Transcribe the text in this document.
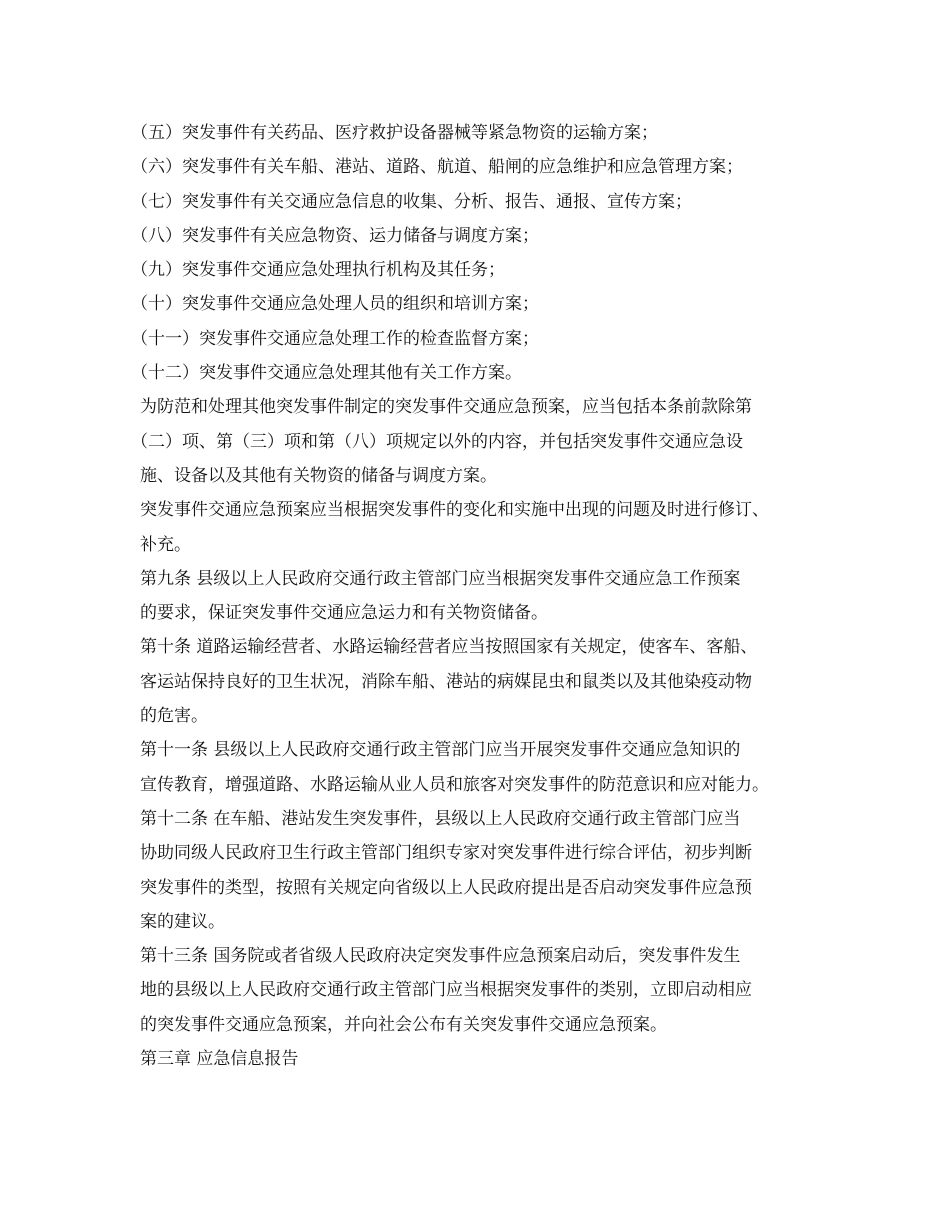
（五）突发事件有关药品、医疗救护设备器械等紧急物资的运输方案；
（六）突发事件有关车船、港站、道路、航道、船闸的应急维护和应急管理方案；
（七）突发事件有关交通应急信息的收集、分析、报告、通报、宣传方案；
（八）突发事件有关应急物资、运力储备与调度方案；
（九）突发事件交通应急处理执行机构及其任务；
（十）突发事件交通应急处理人员的组织和培训方案；
（十一）突发事件交通应急处理工作的检查监督方案；
（十二）突发事件交通应急处理其他有关工作方案。
为防范和处理其他突发事件制定的突发事件交通应急预案，应当包括本条前款除第
（二）项、第（三）项和第（八）项规定以外的内容，并包括突发事件交通应急设
施、设备以及其他有关物资的储备与调度方案。
突发事件交通应急预案应当根据突发事件的变化和实施中出现的问题及时进行修订、
补充。
第九条 县级以上人民政府交通行政主管部门应当根据突发事件交通应急工作预案
的要求，保证突发事件交通应急运力和有关物资储备。
第十条 道路运输经营者、水路运输经营者应当按照国家有关规定，使客车、客船、
客运站保持良好的卫生状况，消除车船、港站的病媒昆虫和鼠类以及其他染疫动物
的危害。
第十一条 县级以上人民政府交通行政主管部门应当开展突发事件交通应急知识的
宣传教育，增强道路、水路运输从业人员和旅客对突发事件的防范意识和应对能力。
第十二条 在车船、港站发生突发事件，县级以上人民政府交通行政主管部门应当
协助同级人民政府卫生行政主管部门组织专家对突发事件进行综合评估，初步判断
突发事件的类型，按照有关规定向省级以上人民政府提出是否启动突发事件应急预
案的建议。
第十三条 国务院或者省级人民政府决定突发事件应急预案启动后，突发事件发生
地的县级以上人民政府交通行政主管部门应当根据突发事件的类别，立即启动相应
的突发事件交通应急预案，并向社会公布有关突发事件交通应急预案。
第三章 应急信息报告
